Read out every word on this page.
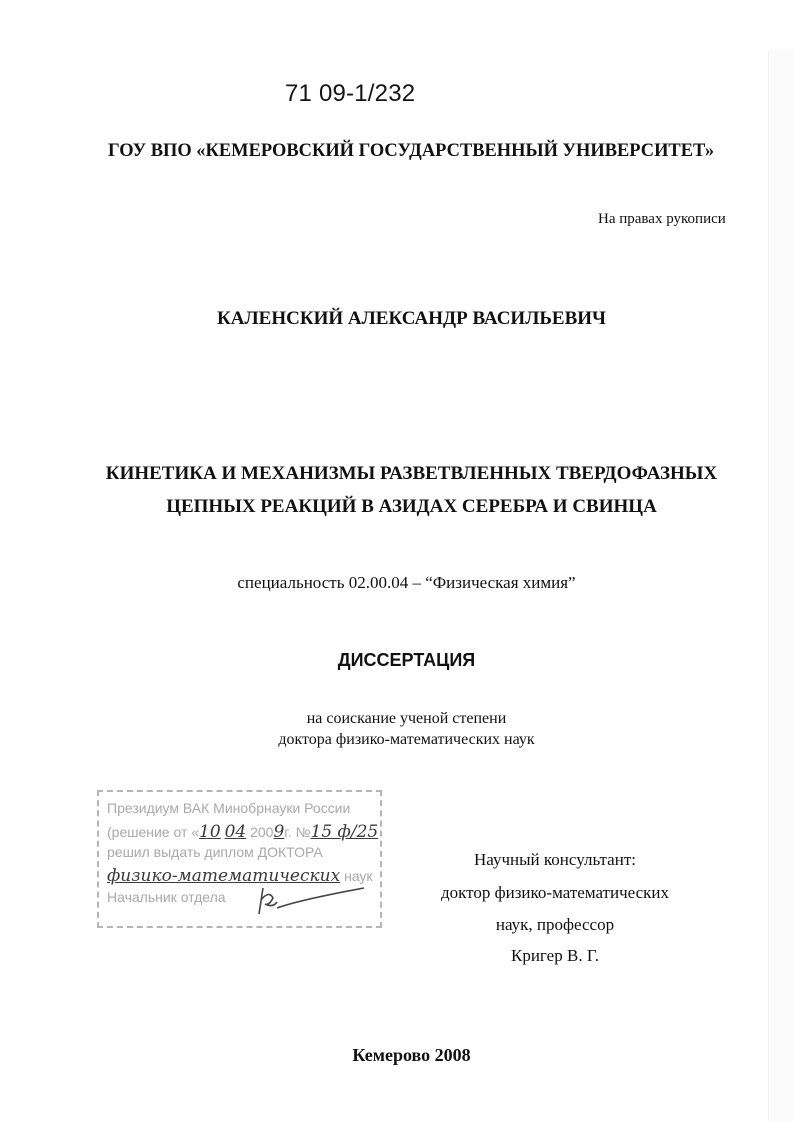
71 09-1/232
ГОУ ВПО «КЕМЕРОВСКИЙ ГОСУДАРСТВЕННЫЙ УНИВЕРСИТЕТ»
На правах рукописи
КАЛЕНСКИЙ АЛЕКСАНДР ВАСИЛЬЕВИЧ
КИНЕТИКА И МЕХАНИЗМЫ РАЗВЕТВЛЕННЫХ ТВЕРДОФАЗНЫХ
ЦЕПНЫХ РЕАКЦИЙ В АЗИДАХ СЕРЕБРА И СВИНЦА
специальность 02.00.04 – “Физическая химия”
ДИССЕРТАЦИЯ
на соискание ученой степени
доктора физико-математических наук
Президиум ВАК Минобрнауки России
(решение от «10 04 2009г. №15 ф/25
решил выдать диплом ДОКТОРА
физико-математических наук
Начальник отдела
Научный консультант:
доктор физико-математических
наук, профессор
Кригер В. Г.
Кемерово 2008
